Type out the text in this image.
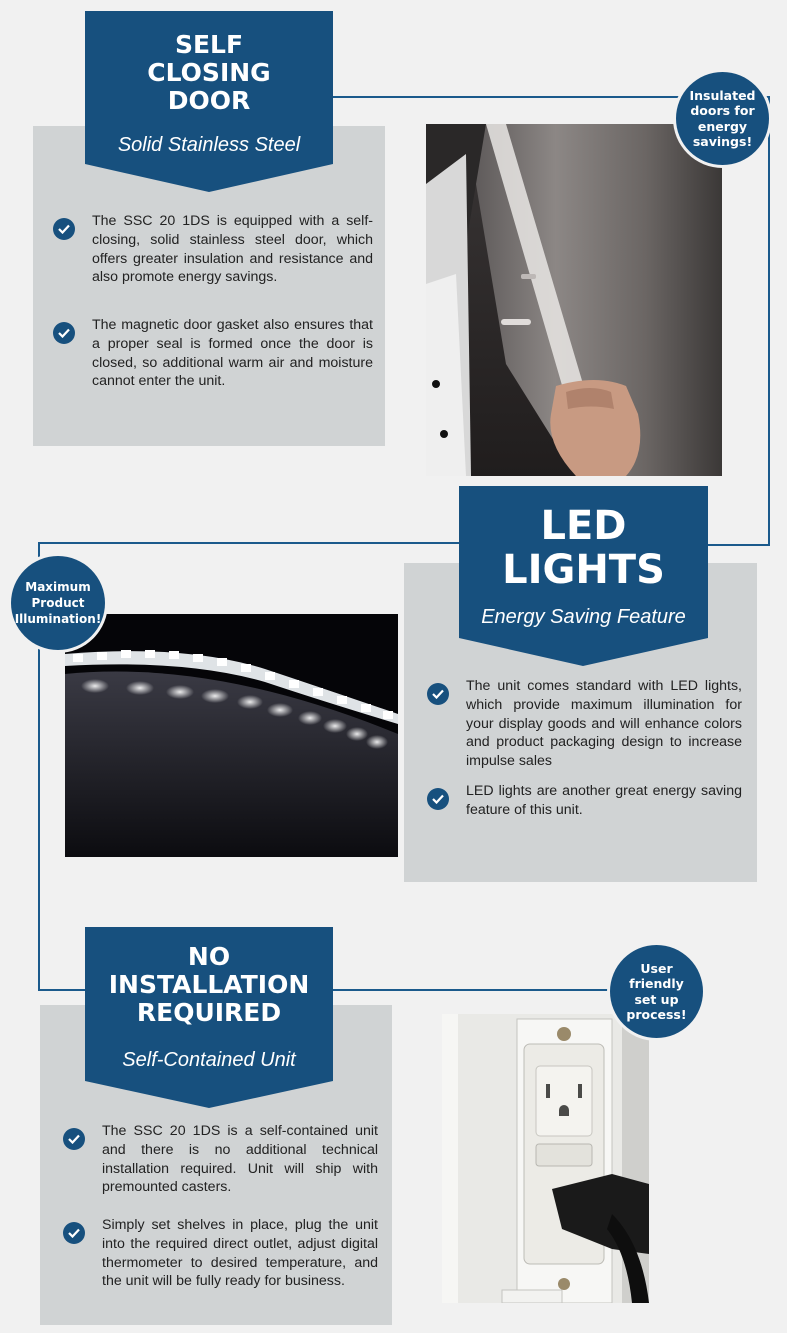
SELF
CLOSING
DOOR
Solid Stainless Steel
Insulated
doors for
energy
savings!
The SSC 20 1DS is equipped with a self-closing, solid stainless steel door, which offers greater insulation and resistance and also promote energy savings.
The magnetic door gasket also ensures that a proper seal is formed once the door is closed, so additional warm air and moisture cannot enter the unit.
LED
LIGHTS
Energy Saving Feature
Maximum
Product
Illumination!
The unit comes standard with LED lights, which provide maximum illumination for your display goods and will enhance colors and product packaging design to increase impulse sales
LED lights are another great energy saving feature of this unit.
NO
INSTALLATION
REQUIRED
Self-Contained Unit
User
friendly
set up
process!
The SSC 20 1DS is a self-contained unit and there is no additional technical installation required. Unit will ship with premounted casters.
Simply set shelves in place, plug the unit into the required direct outlet, adjust digital thermometer to desired temperature, and the unit will be fully ready for business.
